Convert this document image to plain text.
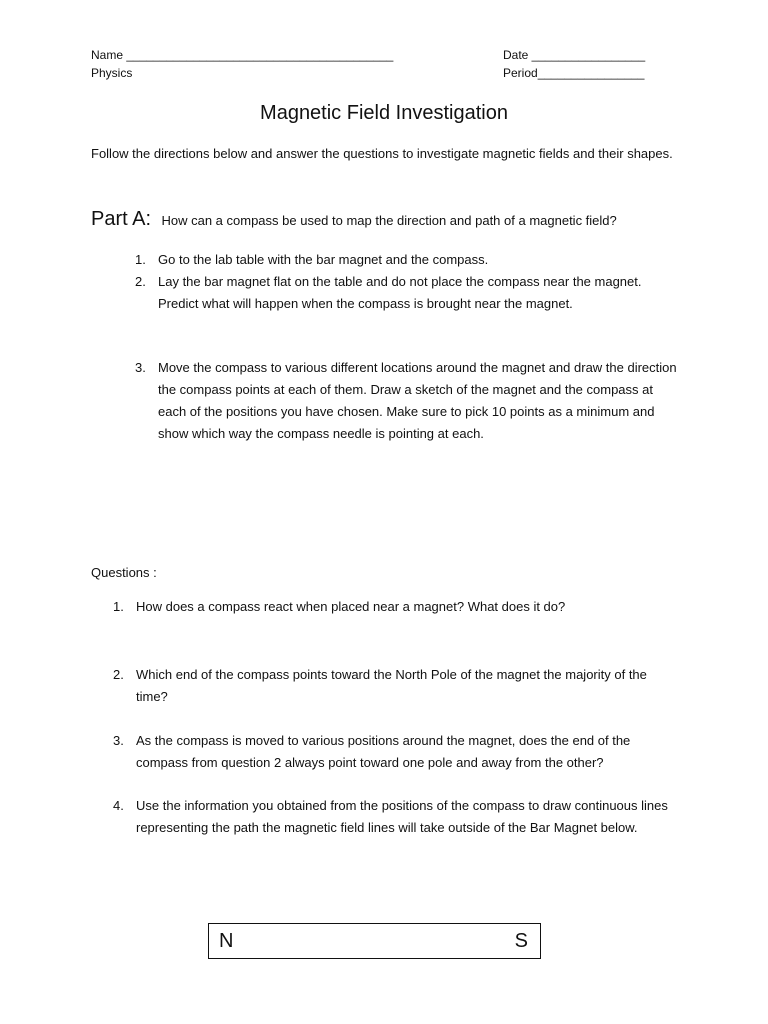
Name ________________________________________
Physics
Date _________________
Period________________
Magnetic Field Investigation
Follow the directions below and answer the questions to investigate magnetic fields and their shapes.
Part A: How can a compass be used to map the direction and path of a magnetic field?
1. Go to the lab table with the bar magnet and the compass.
2. Lay the bar magnet flat on the table and do not place the compass near the magnet. Predict what will happen when the compass is brought near the magnet.
3. Move the compass to various different locations around the magnet and draw the direction the compass points at each of them. Draw a sketch of the magnet and the compass at each of the positions you have chosen. Make sure to pick 10 points as a minimum and show which way the compass needle is pointing at each.
Questions :
1. How does a compass react when placed near a magnet? What does it do?
2. Which end of the compass points toward the North Pole of the magnet the majority of the time?
3. As the compass is moved to various positions around the magnet, does the end of the compass from question 2 always point toward one pole and away from the other?
4. Use the information you obtained from the positions of the compass to draw continuous lines representing the path the magnetic field lines will take outside of the Bar Magnet below.
N	S
